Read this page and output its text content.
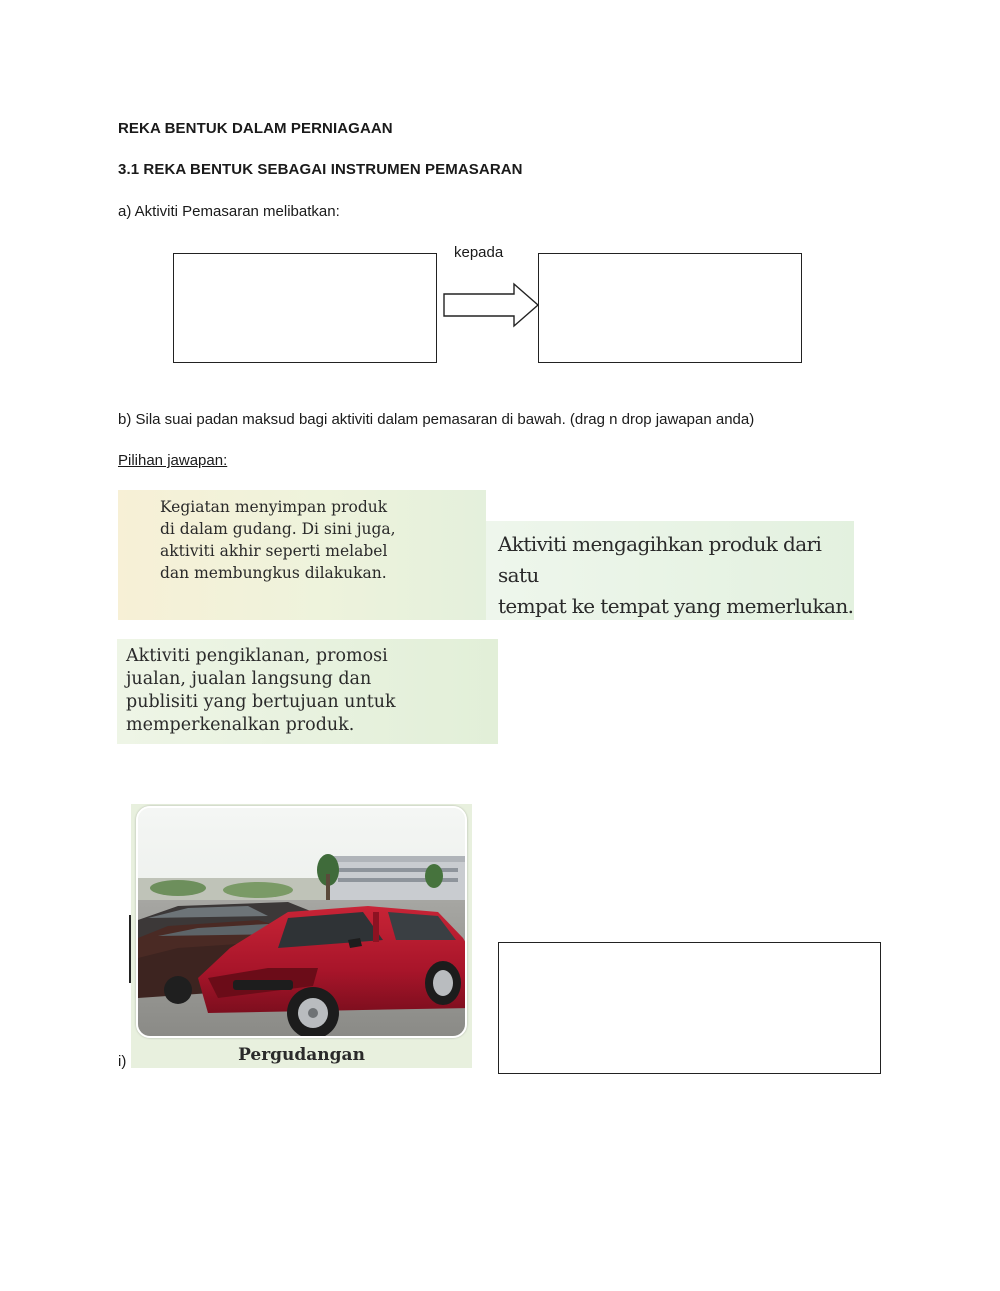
REKA BENTUK DALAM PERNIAGAAN
3.1 REKA BENTUK SEBAGAI INSTRUMEN PEMASARAN
a) Aktiviti Pemasaran melibatkan:
kepada
b) Sila suai padan maksud bagi aktiviti dalam pemasaran di bawah. (drag n drop jawapan anda)
Pilihan jawapan:

Kegiatan menyimpan produk
di dalam gudang. Di sini juga,
aktiviti akhir seperti melabel
dan membungkus dilakukan.
Aktiviti mengagihkan produk dari satu
tempat ke tempat yang memerlukan.
Aktiviti pengiklanan, promosi
jualan, jualan langsung dan
publisiti yang bertujuan untuk
memperkenalkan produk.
i)	Pergudangan
